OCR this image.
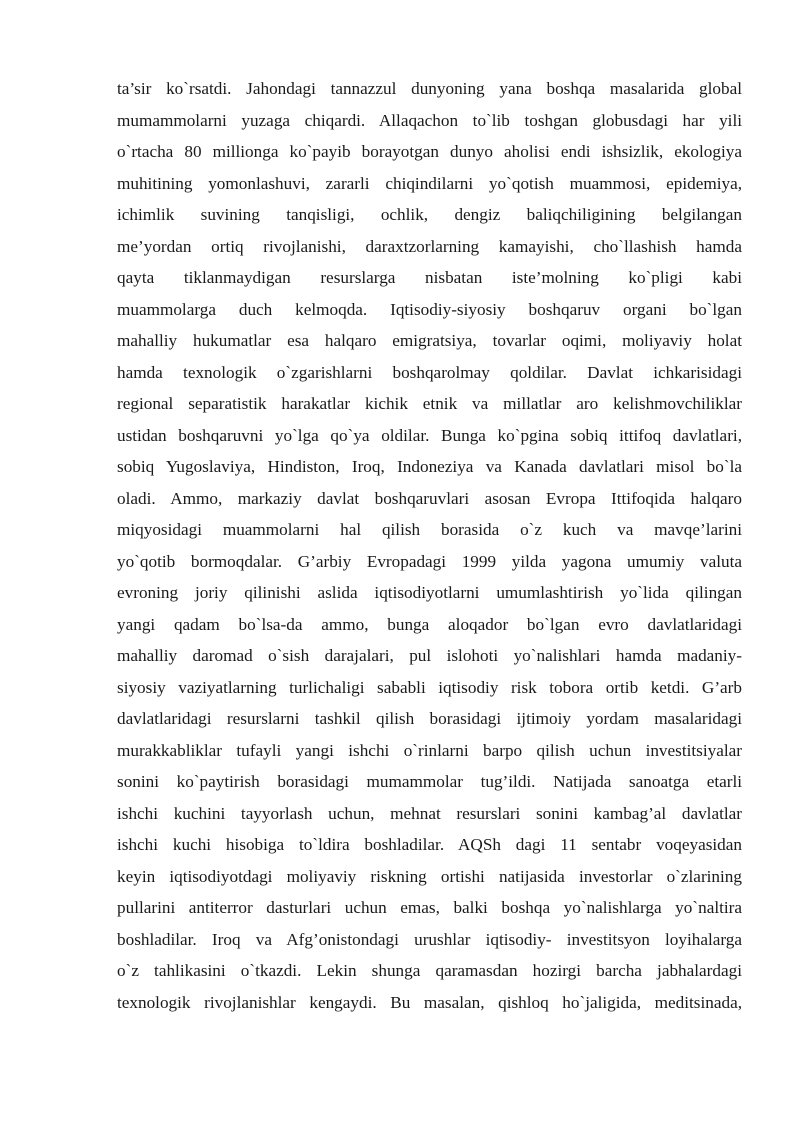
ta’sir ko`rsatdi. Jahondagi tannazzul dunyoning yana boshqa masalarida global
mumammolarni yuzaga chiqardi. Allaqachon to`lib toshgan globusdagi har yili
o`rtacha 80 millionga ko`payib borayotgan dunyo aholisi endi ishsizlik, ekologiya
muhitining yomonlashuvi, zararli chiqindilarni yo`qotish muammosi, epidemiya,
ichimlik suvining tanqisligi, ochlik, dengiz baliqchiligining belgilangan
me’yordan ortiq rivojlanishi, daraxtzorlarning kamayishi, cho`llashish hamda
qayta tiklanmaydigan resurslarga nisbatan iste’molning ko`pligi kabi
muammolarga duch kelmoqda. Iqtisodiy-siyosiy boshqaruv organi bo`lgan
mahalliy hukumatlar esa halqaro emigratsiya, tovarlar oqimi, moliyaviy holat
hamda texnologik o`zgarishlarni boshqarolmay qoldilar. Davlat ichkarisidagi
regional separatistik harakatlar kichik etnik va millatlar aro kelishmovchiliklar
ustidan boshqaruvni yo`lga qo`ya oldilar. Bunga ko`pgina sobiq ittifoq davlatlari,
sobiq Yugoslaviya, Hindiston, Iroq, Indoneziya va Kanada davlatlari misol bo`la
oladi. Ammo, markaziy davlat boshqaruvlari asosan Evropa Ittifoqida halqaro
miqyosidagi muammolarni hal qilish borasida o`z kuch va mavqe’larini
yo`qotib bormoqdalar. G’arbiy Evropadagi 1999 yilda yagona umumiy valuta
evroning joriy qilinishi aslida iqtisodiyotlarni umumlashtirish yo`lida qilingan
yangi qadam bo`lsa-da ammo, bunga aloqador bo`lgan evro davlatlaridagi
mahalliy daromad o`sish darajalari, pul islohoti yo`nalishlari hamda madaniy-
siyosiy vaziyatlarning turlichaligi sababli iqtisodiy risk tobora ortib ketdi. G’arb
davlatlaridagi resurslarni tashkil qilish borasidagi ijtimoiy yordam masalaridagi
murakkabliklar tufayli yangi ishchi o`rinlarni barpo qilish uchun investitsiyalar
sonini ko`paytirish borasidagi mumammolar tug’ildi. Natijada sanoatga etarli
ishchi kuchini tayyorlash uchun, mehnat resurslari sonini kambag’al davlatlar
ishchi kuchi hisobiga to`ldira boshladilar. AQSh dagi 11 sentabr voqeyasidan
keyin iqtisodiyotdagi moliyaviy riskning ortishi natijasida investorlar o`zlarining
pullarini antiterror dasturlari uchun emas, balki boshqa yo`nalishlarga yo`naltira
boshladilar. Iroq va Afg’onistondagi urushlar iqtisodiy- investitsyon loyihalarga
o`z tahlikasini o`tkazdi. Lekin shunga qaramasdan hozirgi barcha jabhalardagi
texnologik rivojlanishlar kengaydi. Bu masalan, qishloq ho`jaligida, meditsinada,
